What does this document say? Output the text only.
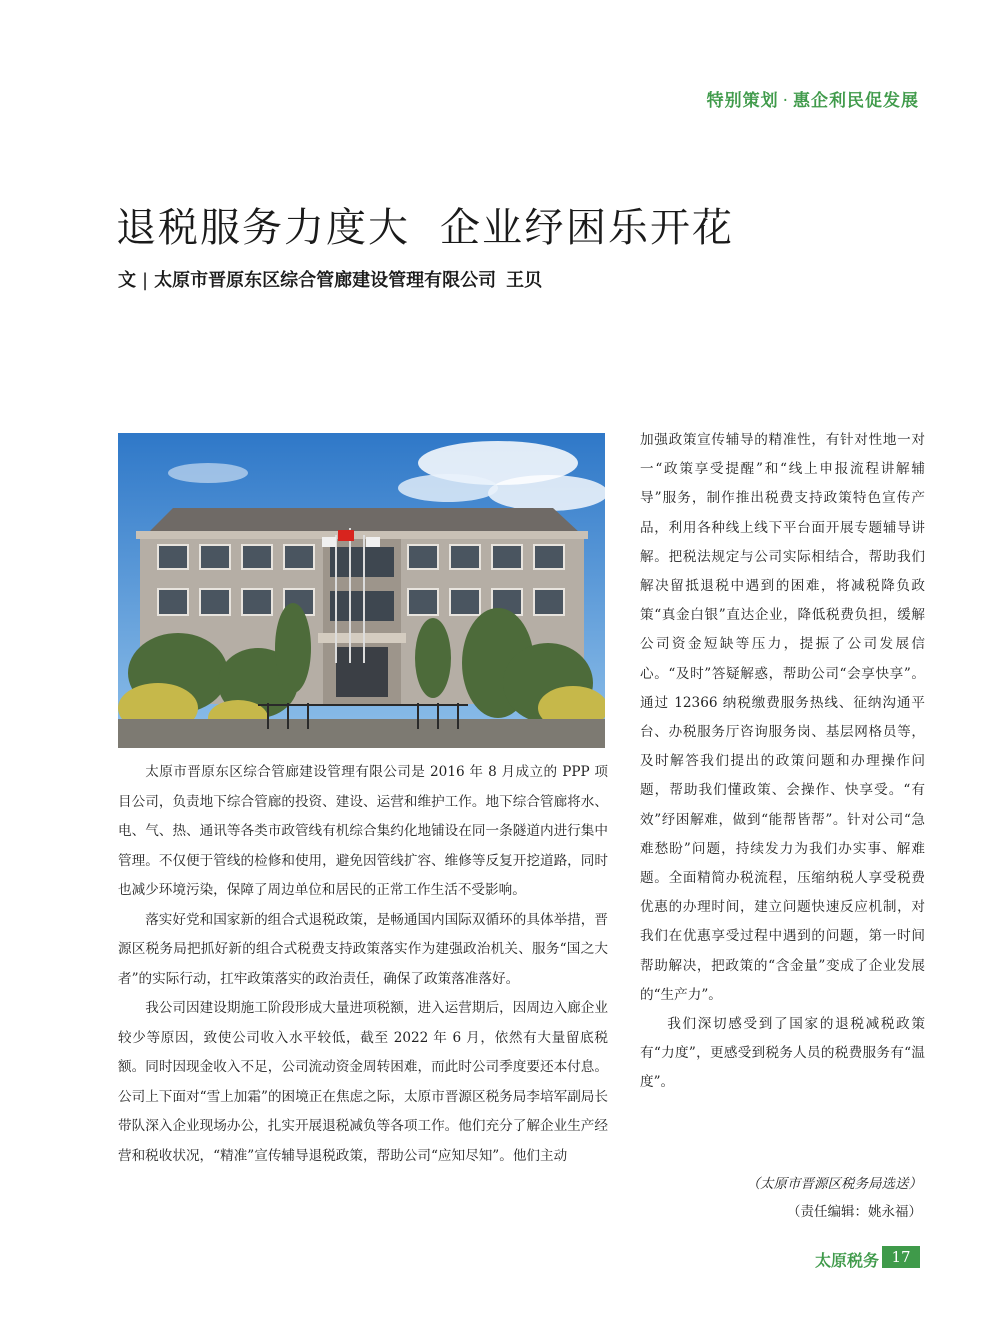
特别策划 · 惠企利民促发展
退税服务力度大 企业纾困乐开花
文 | 太原市晋原东区综合管廊建设管理有限公司 王贝

太原市晋原东区综合管廊建设管理有限公司是 2016 年 8 月成立的 PPP 项目公司，负责地下综合管廊的投资、建设、运营和维护工作。地下综合管廊将水、电、气、热、通讯等各类市政管线有机综合集约化地铺设在同一条隧道内进行集中管理。不仅便于管线的检修和使用，避免因管线扩容、维修等反复开挖道路，同时也减少环境污染，保障了周边单位和居民的正常工作生活不受影响。

落实好党和国家新的组合式退税政策，是畅通国内国际双循环的具体举措，晋源区税务局把抓好新的组合式税费支持政策落实作为建强政治机关、服务“国之大者”的实际行动，扛牢政策落实的政治责任，确保了政策落准落好。

我公司因建设期施工阶段形成大量进项税额，进入运营期后，因周边入廊企业较少等原因，致使公司收入水平较低，截至 2022 年 6 月，依然有大量留底税额。同时因现金收入不足，公司流动资金周转困难，而此时公司季度要还本付息。公司上下面对“雪上加霜”的困境正在焦虑之际，太原市晋源区税务局李培军副局长带队深入企业现场办公，扎实开展退税减负等各项工作。他们充分了解企业生产经营和税收状况，“精准”宣传辅导退税政策，帮助公司“应知尽知”。他们主动

加强政策宣传辅导的精准性，有针对性地一对一“政策享受提醒”和“线上申报流程讲解辅导”服务，制作推出税费支持政策特色宣传产品，利用各种线上线下平台面开展专题辅导讲解。把税法规定与公司实际相结合，帮助我们解决留抵退税中遇到的困难，将减税降负政策“真金白银”直达企业，降低税费负担，缓解公司资金短缺等压力，提振了公司发展信心。“及时”答疑解惑，帮助公司“会享快享”。通过 12366 纳税缴费服务热线、征纳沟通平台、办税服务厅咨询服务岗、基层网格员等，及时解答我们提出的政策问题和办理操作问题，帮助我们懂政策、会操作、快享受。“有效”纾困解难，做到“能帮皆帮”。针对公司“急难愁盼”问题，持续发力为我们办实事、解难题。全面精简办税流程，压缩纳税人享受税费优惠的办理时间，建立问题快速反应机制，对我们在优惠享受过程中遇到的问题，第一时间帮助解决，把政策的“含金量”变成了企业发展的“生产力”。

我们深切感受到了国家的退税减税政策有“力度”，更感受到税务人员的税费服务有“温度”。

（太原市晋源区税务局选送）
（责任编辑：姚永福）
太原税务 17
